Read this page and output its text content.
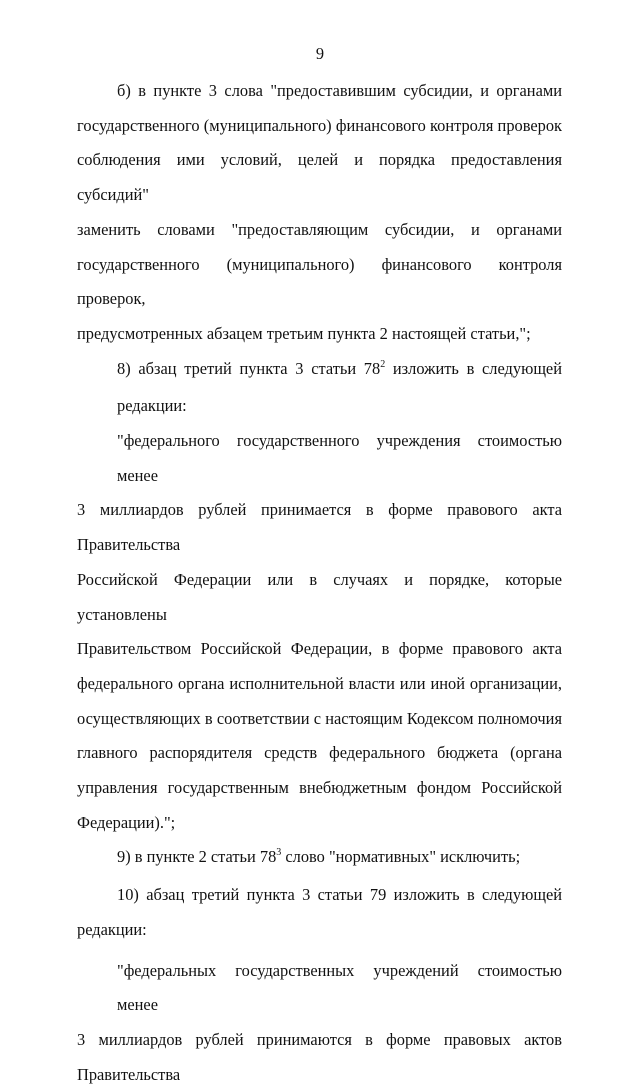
9
б) в пункте 3 слова "предоставившим субсидии, и органами
государственного (муниципального) финансового контроля проверок
соблюдения ими условий, целей и порядка предоставления субсидий"
заменить словами "предоставляющим субсидии, и органами
государственного (муниципального) финансового контроля проверок,
предусмотренных абзацем третьим пункта 2 настоящей статьи,";
8) абзац третий пункта 3 статьи $78^2$ изложить в следующей редакции:
"федерального государственного учреждения стоимостью менее
3 миллиардов рублей принимается в форме правового акта Правительства
Российской Федерации или в случаях и порядке, которые установлены
Правительством Российской Федерации, в форме правового акта
федерального органа исполнительной власти или иной организации,
осуществляющих в соответствии с настоящим Кодексом полномочия
главного распорядителя средств федерального бюджета (органа
управления государственным внебюджетным фондом Российской
Федерации).";
9) в пункте 2 статьи $78^3$ слово "нормативных" исключить;
10) абзац третий пункта 3 статьи 79 изложить в следующей
редакции:
"федеральных государственных учреждений стоимостью менее
3 миллиардов рублей принимаются в форме правовых актов Правительства
